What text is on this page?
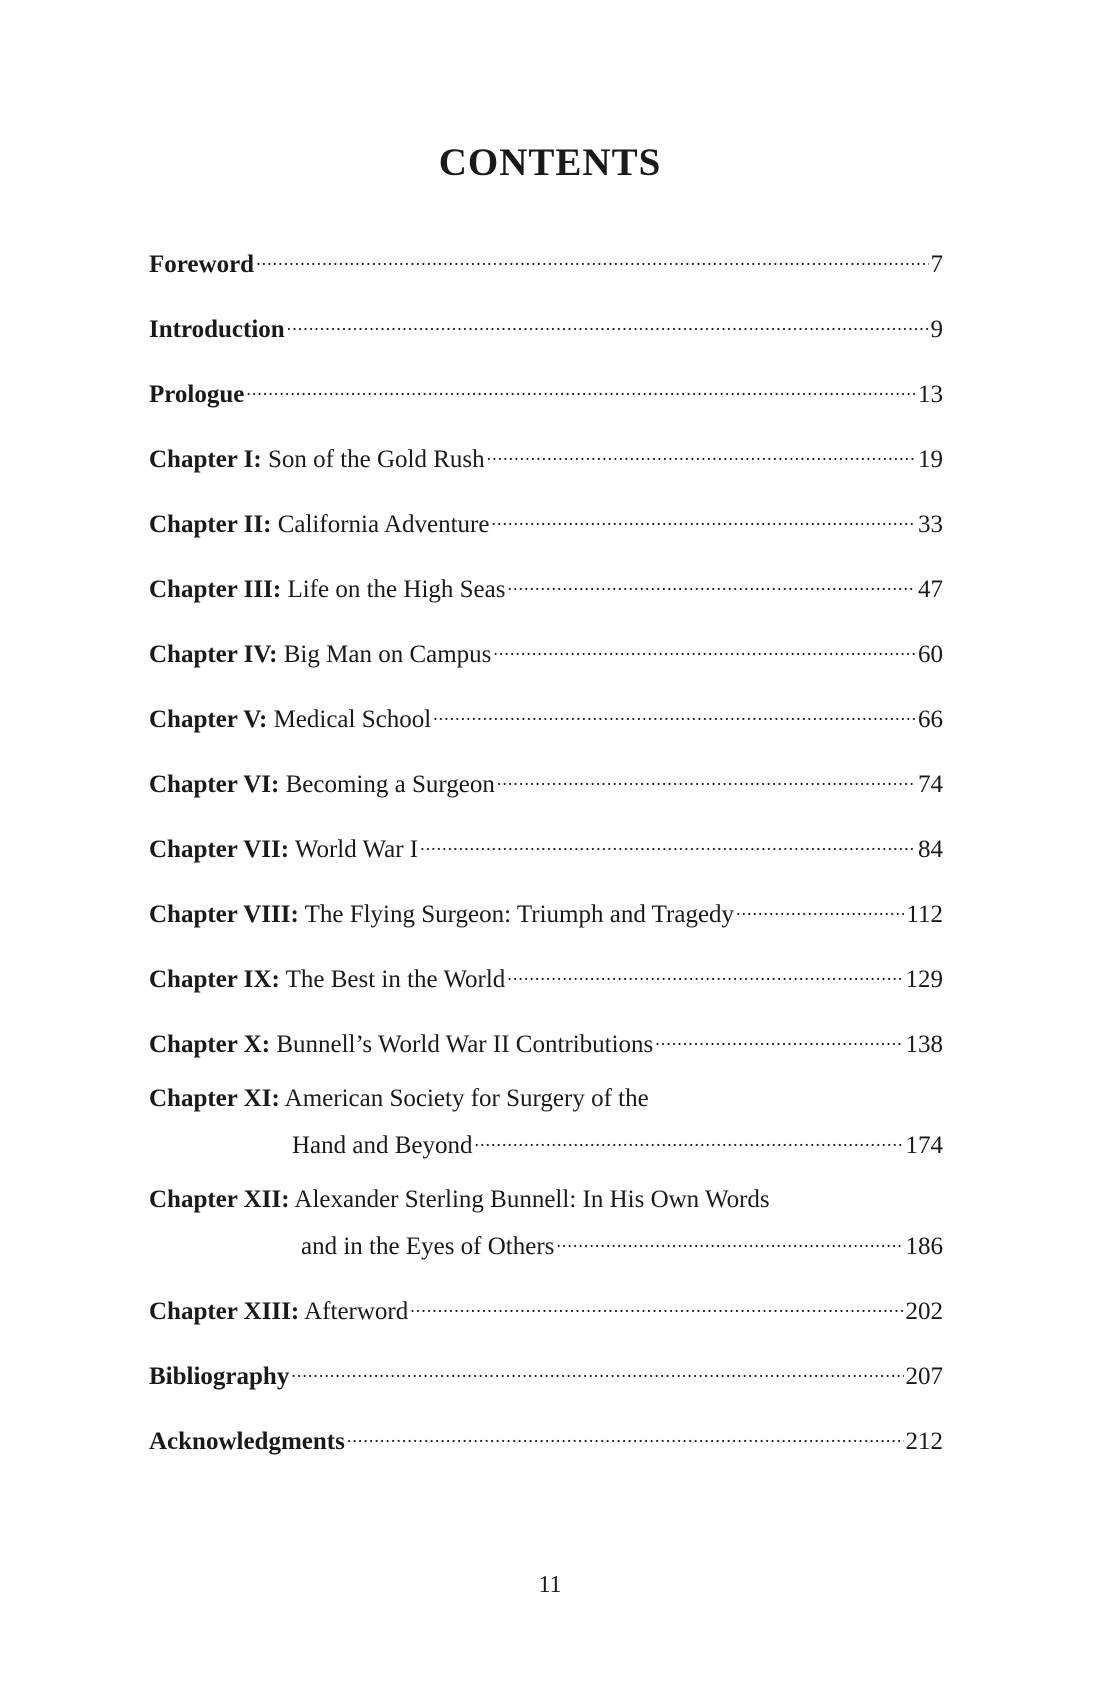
CONTENTS
Foreword .....	7
Introduction .....	9
Prologue .....	13
Chapter I: Son of the Gold Rush .....	19
Chapter II: California Adventure .....	33
Chapter III: Life on the High Seas .....	47
Chapter IV: Big Man on Campus .....	60
Chapter V: Medical School .....	66
Chapter VI: Becoming a Surgeon .....	74
Chapter VII: World War I .....	84
Chapter VIII: The Flying Surgeon: Triumph and Tragedy .....	112
Chapter IX: The Best in the World .....	129
Chapter X: Bunnell’s World War II Contributions .....	138
Chapter XI: American Society for Surgery of the
Hand and Beyond .....	174
Chapter XII: Alexander Sterling Bunnell: In His Own Words
and in the Eyes of Others .....	186
Chapter XIII: Afterword .....	202
Bibliography .....	207
Acknowledgments .....	212
11
